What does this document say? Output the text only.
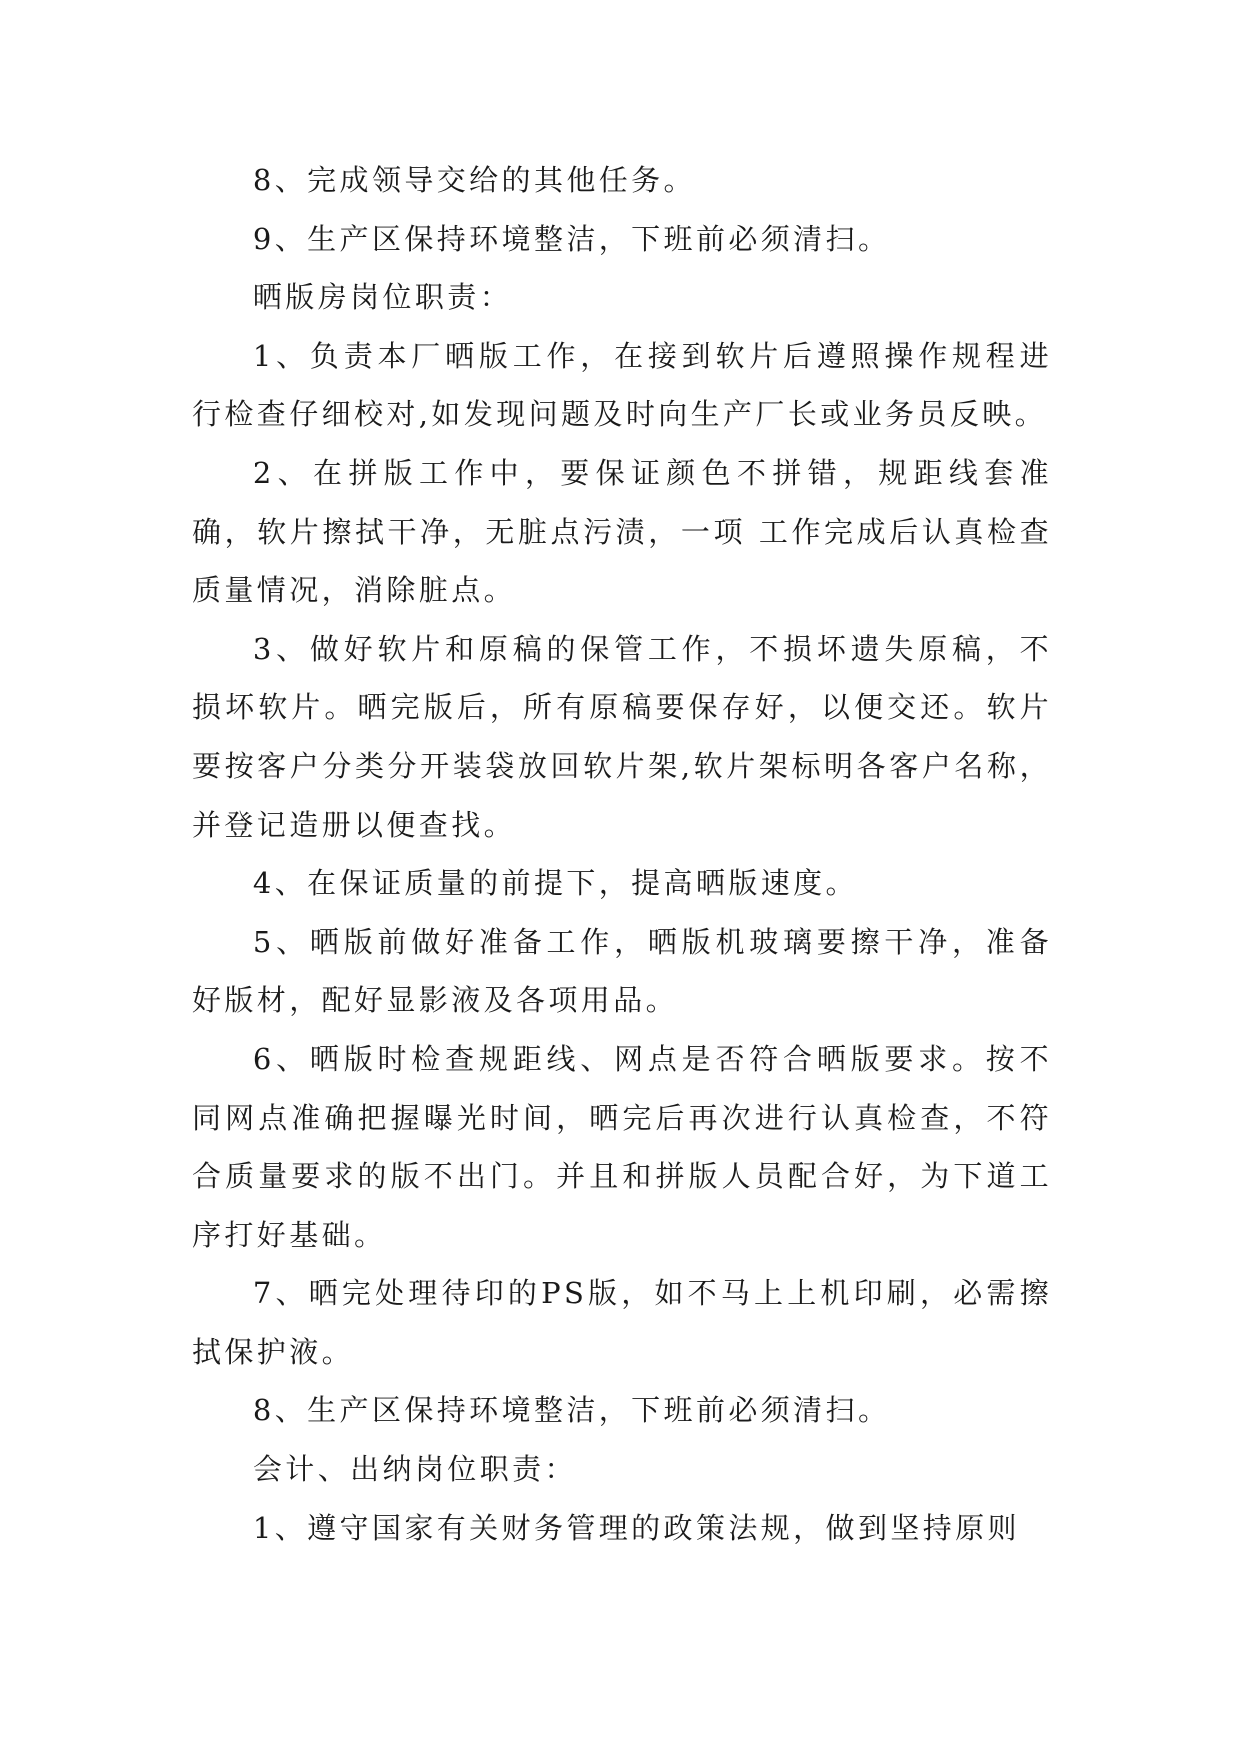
8、完成领导交给的其他任务。

9、生产区保持环境整洁，下班前必须清扫。

晒版房岗位职责：

1、负责本厂晒版工作，在接到软片后遵照操作规程进行检查仔细校对,如发现问题及时向生产厂长或业务员反映。

2、在拼版工作中，要保证颜色不拼错，规距线套准确，软片擦拭干净，无脏点污渍，一项 工作完成后认真检查质量情况，消除脏点。

3、做好软片和原稿的保管工作，不损坏遗失原稿，不损坏软片。晒完版后，所有原稿要保存好，以便交还。软片要按客户分类分开装袋放回软片架,软片架标明各客户名称，并登记造册以便查找。

4、在保证质量的前提下，提高晒版速度。

5、晒版前做好准备工作，晒版机玻璃要擦干净，准备好版材，配好显影液及各项用品。

6、晒版时检查规距线、网点是否符合晒版要求。按不同网点准确把握曝光时间，晒完后再次进行认真检查，不符合质量要求的版不出门。并且和拼版人员配合好，为下道工序打好基础。

7、晒完处理待印的PS版，如不马上上机印刷，必需擦拭保护液。

8、生产区保持环境整洁，下班前必须清扫。

会计、出纳岗位职责：

1、遵守国家有关财务管理的政策法规，做到坚持原则
